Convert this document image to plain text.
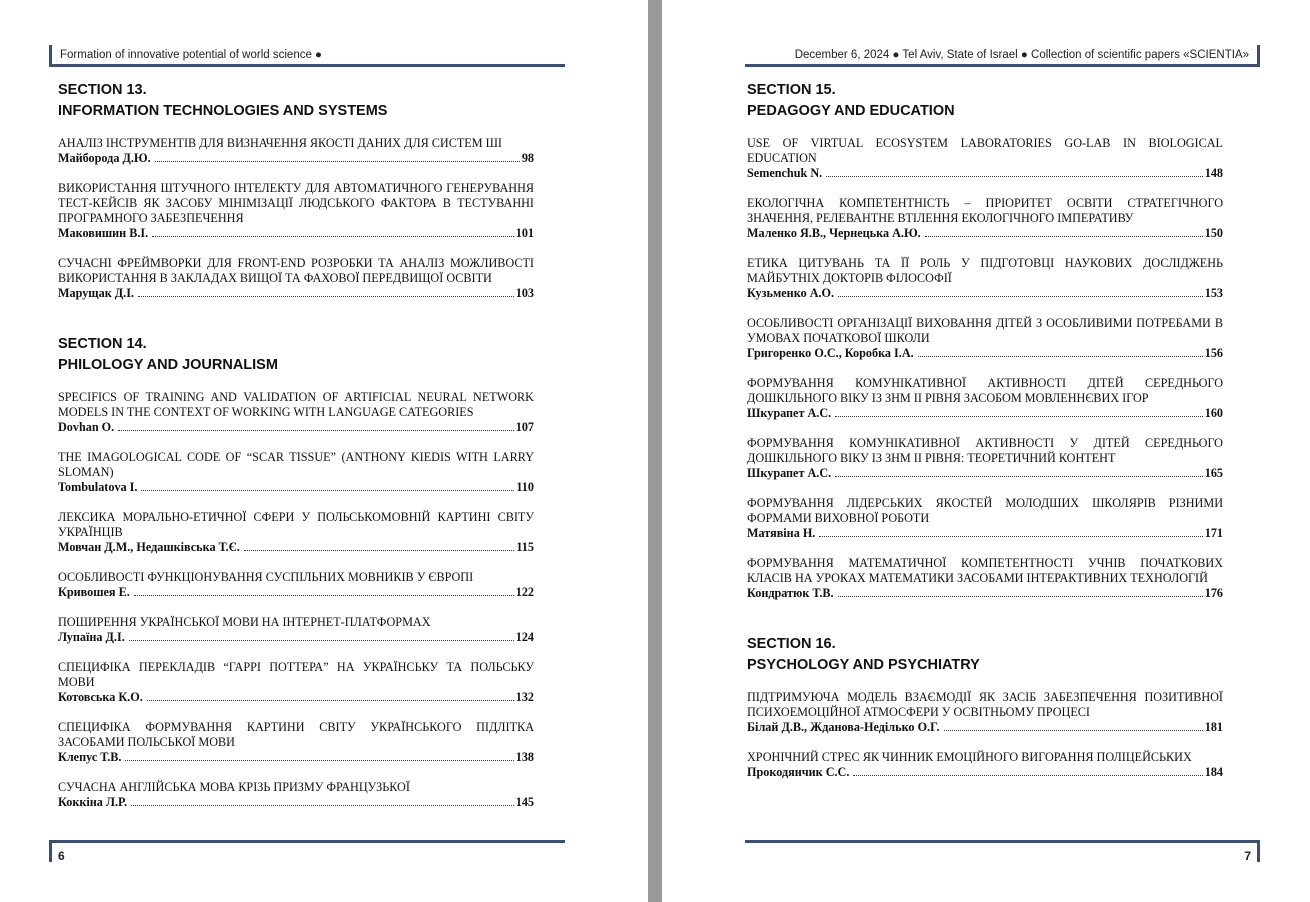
Formation of innovative potential of world science ●
SECTION 13.
INFORMATION TECHNOLOGIES AND SYSTEMS
АНАЛІЗ ІНСТРУМЕНТІВ ДЛЯ ВИЗНАЧЕННЯ ЯКОСТІ ДАНИХ ДЛЯ СИСТЕМ ШІ
Майборода Д.Ю.	98
ВИКОРИСТАННЯ ШТУЧНОГО ІНТЕЛЕКТУ ДЛЯ АВТОМАТИЧНОГО ГЕНЕРУВАННЯ ТЕСТ-КЕЙСІВ ЯК ЗАСОБУ МІНІМІЗАЦІЇ ЛЮДСЬКОГО ФАКТОРА В ТЕСТУВАННІ ПРОГРАМНОГО ЗАБЕЗПЕЧЕННЯ
Маковишин В.І.	101
СУЧАСНІ ФРЕЙМВОРКИ ДЛЯ FRONT-END РОЗРОБКИ ТА АНАЛІЗ МОЖЛИВОСТІ ВИКОРИСТАННЯ В ЗАКЛАДАХ ВИЩОЇ ТА ФАХОВОЇ ПЕРЕДВИЩОЇ ОСВІТИ
Марущак Д.І.	103
SECTION 14.
PHILOLOGY AND JOURNALISM
SPECIFICS OF TRAINING AND VALIDATION OF ARTIFICIAL NEURAL NETWORK MODELS IN THE CONTEXT OF WORKING WITH LANGUAGE CATEGORIES
Dovhan O.	107
THE IMAGOLOGICAL CODE OF “SCAR TISSUE” (ANTHONY KIEDIS WITH LARRY SLOMAN)
Tombulatova I.	110
ЛЕКСИКА МОРАЛЬНО-ЕТИЧНОЇ СФЕРИ У ПОЛЬСЬКОМОВНІЙ КАРТИНІ СВІТУ УКРАЇНЦІВ
Мовчан Д.М., Недашківська Т.Є.	115
ОСОБЛИВОСТІ ФУНКЦІОНУВАННЯ СУСПІЛЬНИХ МОВНИКІВ У ЄВРОПІ
Кривошея Е.	122
ПОШИРЕННЯ УКРАЇНСЬКОЇ МОВИ НА ІНТЕРНЕТ-ПЛАТФОРМАХ
Лупаїна Д.І.	124
СПЕЦИФІКА ПЕРЕКЛАДІВ “ГАРРІ ПОТТЕРА” НА УКРАЇНСЬКУ ТА ПОЛЬСЬКУ МОВИ
Котовська К.О.	132
СПЕЦИФІКА ФОРМУВАННЯ КАРТИНИ СВІТУ УКРАЇНСЬКОГО ПІДЛІТКА ЗАСОБАМИ ПОЛЬСЬКОЇ МОВИ
Клепус Т.В.	138
СУЧАСНА АНГЛІЙСЬКА МОВА КРІЗЬ ПРИЗМУ ФРАНЦУЗЬКОЇ
Коккіна Л.Р.	145
6
December 6, 2024 ● Tel Aviv, State of Israel ● Collection of scientific papers «SCIENTIA»
SECTION 15.
PEDAGOGY AND EDUCATION
USE OF VIRTUAL ECOSYSTEM LABORATORIES GO-LAB IN BIOLOGICAL EDUCATION
Semenchuk N.	148
ЕКОЛОГІЧНА КОМПЕТЕНТНІСТЬ – ПРІОРИТЕТ ОСВІТИ СТРАТЕГІЧНОГО ЗНАЧЕННЯ, РЕЛЕВАНТНЕ ВТІЛЕННЯ ЕКОЛОГІЧНОГО ІМПЕРАТИВУ
Маленко Я.В., Чернецька А.Ю.	150
ЕТИКА ЦИТУВАНЬ ТА ЇЇ РОЛЬ У ПІДГОТОВЦІ НАУКОВИХ ДОСЛІДЖЕНЬ МАЙБУТНІХ ДОКТОРІВ ФІЛОСОФІЇ
Кузьменко А.О.	153
ОСОБЛИВОСТІ ОРГАНІЗАЦІЇ ВИХОВАННЯ ДІТЕЙ З ОСОБЛИВИМИ ПОТРЕБАМИ В УМОВАХ ПОЧАТКОВОЇ ШКОЛИ
Григоренко О.С., Коробка І.А.	156
ФОРМУВАННЯ КОМУНІКАТИВНОЇ АКТИВНОСТІ ДІТЕЙ СЕРЕДНЬОГО ДОШКІЛЬНОГО ВІКУ ІЗ ЗНМ ІІ РІВНЯ ЗАСОБОМ МОВЛЕННЄВИХ ІГОР
Шкурапет А.С.	160
ФОРМУВАННЯ КОМУНІКАТИВНОЇ АКТИВНОСТІ У ДІТЕЙ СЕРЕДНЬОГО ДОШКІЛЬНОГО ВІКУ ІЗ ЗНМ ІІ РІВНЯ: ТЕОРЕТИЧНИЙ КОНТЕНТ
Шкурапет А.С.	165
ФОРМУВАННЯ ЛІДЕРСЬКИХ ЯКОСТЕЙ МОЛОДШИХ ШКОЛЯРІВ РІЗНИМИ ФОРМАМИ ВИХОВНОЇ РОБОТИ
Матявіна Н.	171
ФОРМУВАННЯ МАТЕМАТИЧНОЇ КОМПЕТЕНТНОСТІ УЧНІВ ПОЧАТКОВИХ КЛАСІВ НА УРОКАХ МАТЕМАТИКИ ЗАСОБАМИ ІНТЕРАКТИВНИХ ТЕХНОЛОГІЙ
Кондратюк Т.В.	176
SECTION 16.
PSYCHOLOGY AND PSYCHIATRY
ПІДТРИМУЮЧА МОДЕЛЬ ВЗАЄМОДІЇ ЯК ЗАСІБ ЗАБЕЗПЕЧЕННЯ ПОЗИТИВНОЇ ПСИХОЕМОЦІЙНОЇ АТМОСФЕРИ У ОСВІТНЬОМУ ПРОЦЕСІ
Білай Д.В., Жданова-Неділько О.Г.	181
ХРОНІЧНИЙ СТРЕС ЯК ЧИННИК ЕМОЦІЙНОГО ВИГОРАННЯ ПОЛІЦЕЙСЬКИХ
Прокодянчик С.С.	184
7
